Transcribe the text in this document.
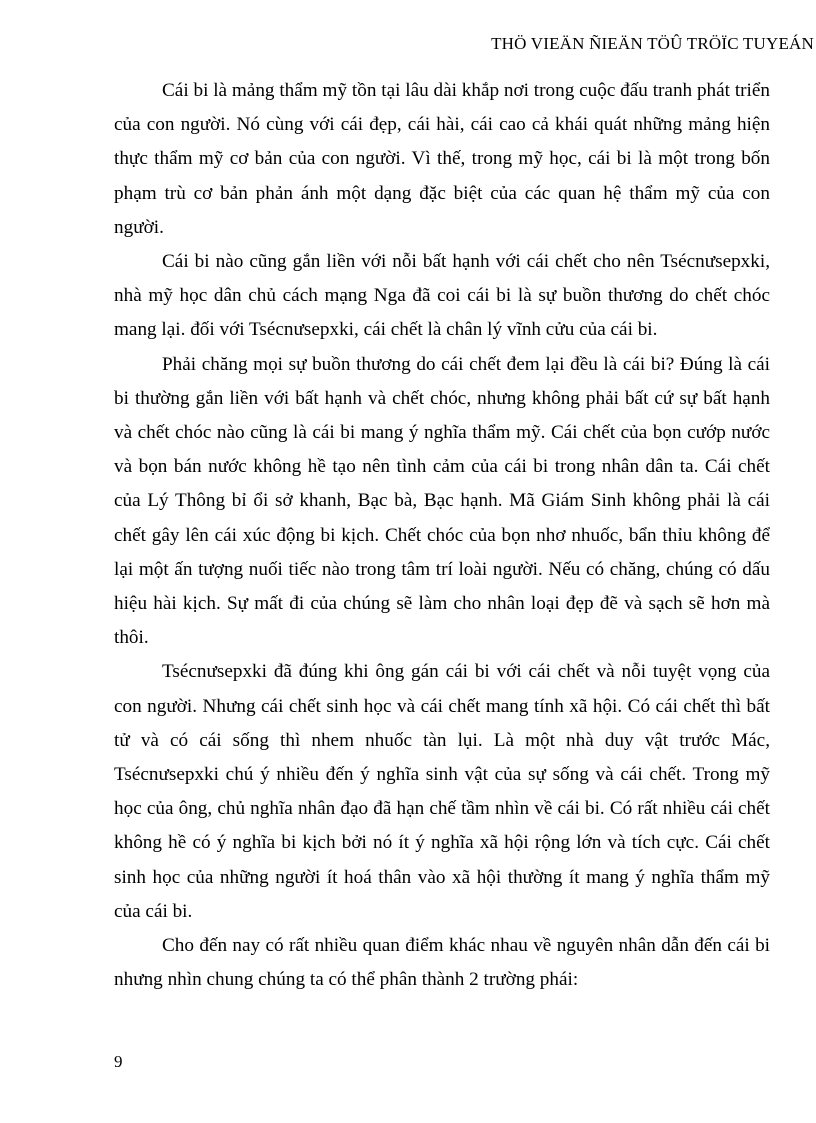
THÖ VIEÄN ÑIEÄN TÖÛ TRÖÏC TUYEÁN

Cái bi là mảng thẩm mỹ tồn tại lâu dài khắp nơi trong cuộc đấu tranh phát triển của con người. Nó cùng với cái đẹp, cái hài, cái cao cả khái quát những mảng hiện thực thẩm mỹ cơ bản của con người. Vì thế, trong mỹ học, cái bi là một trong bốn phạm trù cơ bản phản ánh một dạng đặc biệt của các quan hệ thẩm mỹ của con người.

Cái bi nào cũng gắn liền với nỗi bất hạnh với cái chết cho nên Tsécnưsepxki, nhà mỹ học dân chủ cách mạng Nga đã coi cái bi là sự buồn thương do chết chóc mang lại. đối với Tsécnưsepxki, cái chết là chân lý vĩnh cửu của cái bi.

Phải chăng mọi sự buồn thương do cái chết đem lại đều là cái bi? Đúng là cái bi thường gắn liền với bất hạnh và chết chóc, nhưng không phải bất cứ sự bất hạnh và chết chóc nào cũng là cái bi mang ý nghĩa thẩm mỹ. Cái chết của bọn cướp nước và bọn bán nước không hề tạo nên tình cảm của cái bi trong nhân dân ta. Cái chết của Lý Thông bỉ ổi sở khanh, Bạc bà, Bạc hạnh. Mã Giám Sinh không phải là cái chết gây lên cái xúc động bi kịch. Chết chóc của bọn nhơ nhuốc, bẩn thỉu không để lại một ấn tượng nuối tiếc nào trong tâm trí loài người. Nếu có chăng, chúng có dấu hiệu hài kịch. Sự mất đi của chúng sẽ làm cho nhân loại đẹp đẽ và sạch sẽ hơn mà thôi.

Tsécnưsepxki đã đúng khi ông gán cái bi với cái chết và nỗi tuyệt vọng của con người. Nhưng cái chết sinh học và cái chết mang tính xã hội. Có cái chết thì bất tử và có cái sống thì nhem nhuốc tàn lụi. Là một nhà duy vật trước Mác, Tsécnưsepxki chú ý nhiều đến ý nghĩa sinh vật của sự sống và cái chết. Trong mỹ học của ông, chủ nghĩa nhân đạo đã hạn chế tầm nhìn về cái bi. Có rất nhiều cái chết không hề có ý nghĩa bi kịch bởi nó ít ý nghĩa xã hội rộng lớn và tích cực. Cái chết sinh học của những người ít hoá thân vào xã hội thường ít mang ý nghĩa thẩm mỹ của cái bi.

Cho đến nay có rất nhiều quan điểm khác nhau về nguyên nhân dẫn đến cái bi nhưng nhìn chung chúng ta có thể phân thành 2 trường phái:

9
